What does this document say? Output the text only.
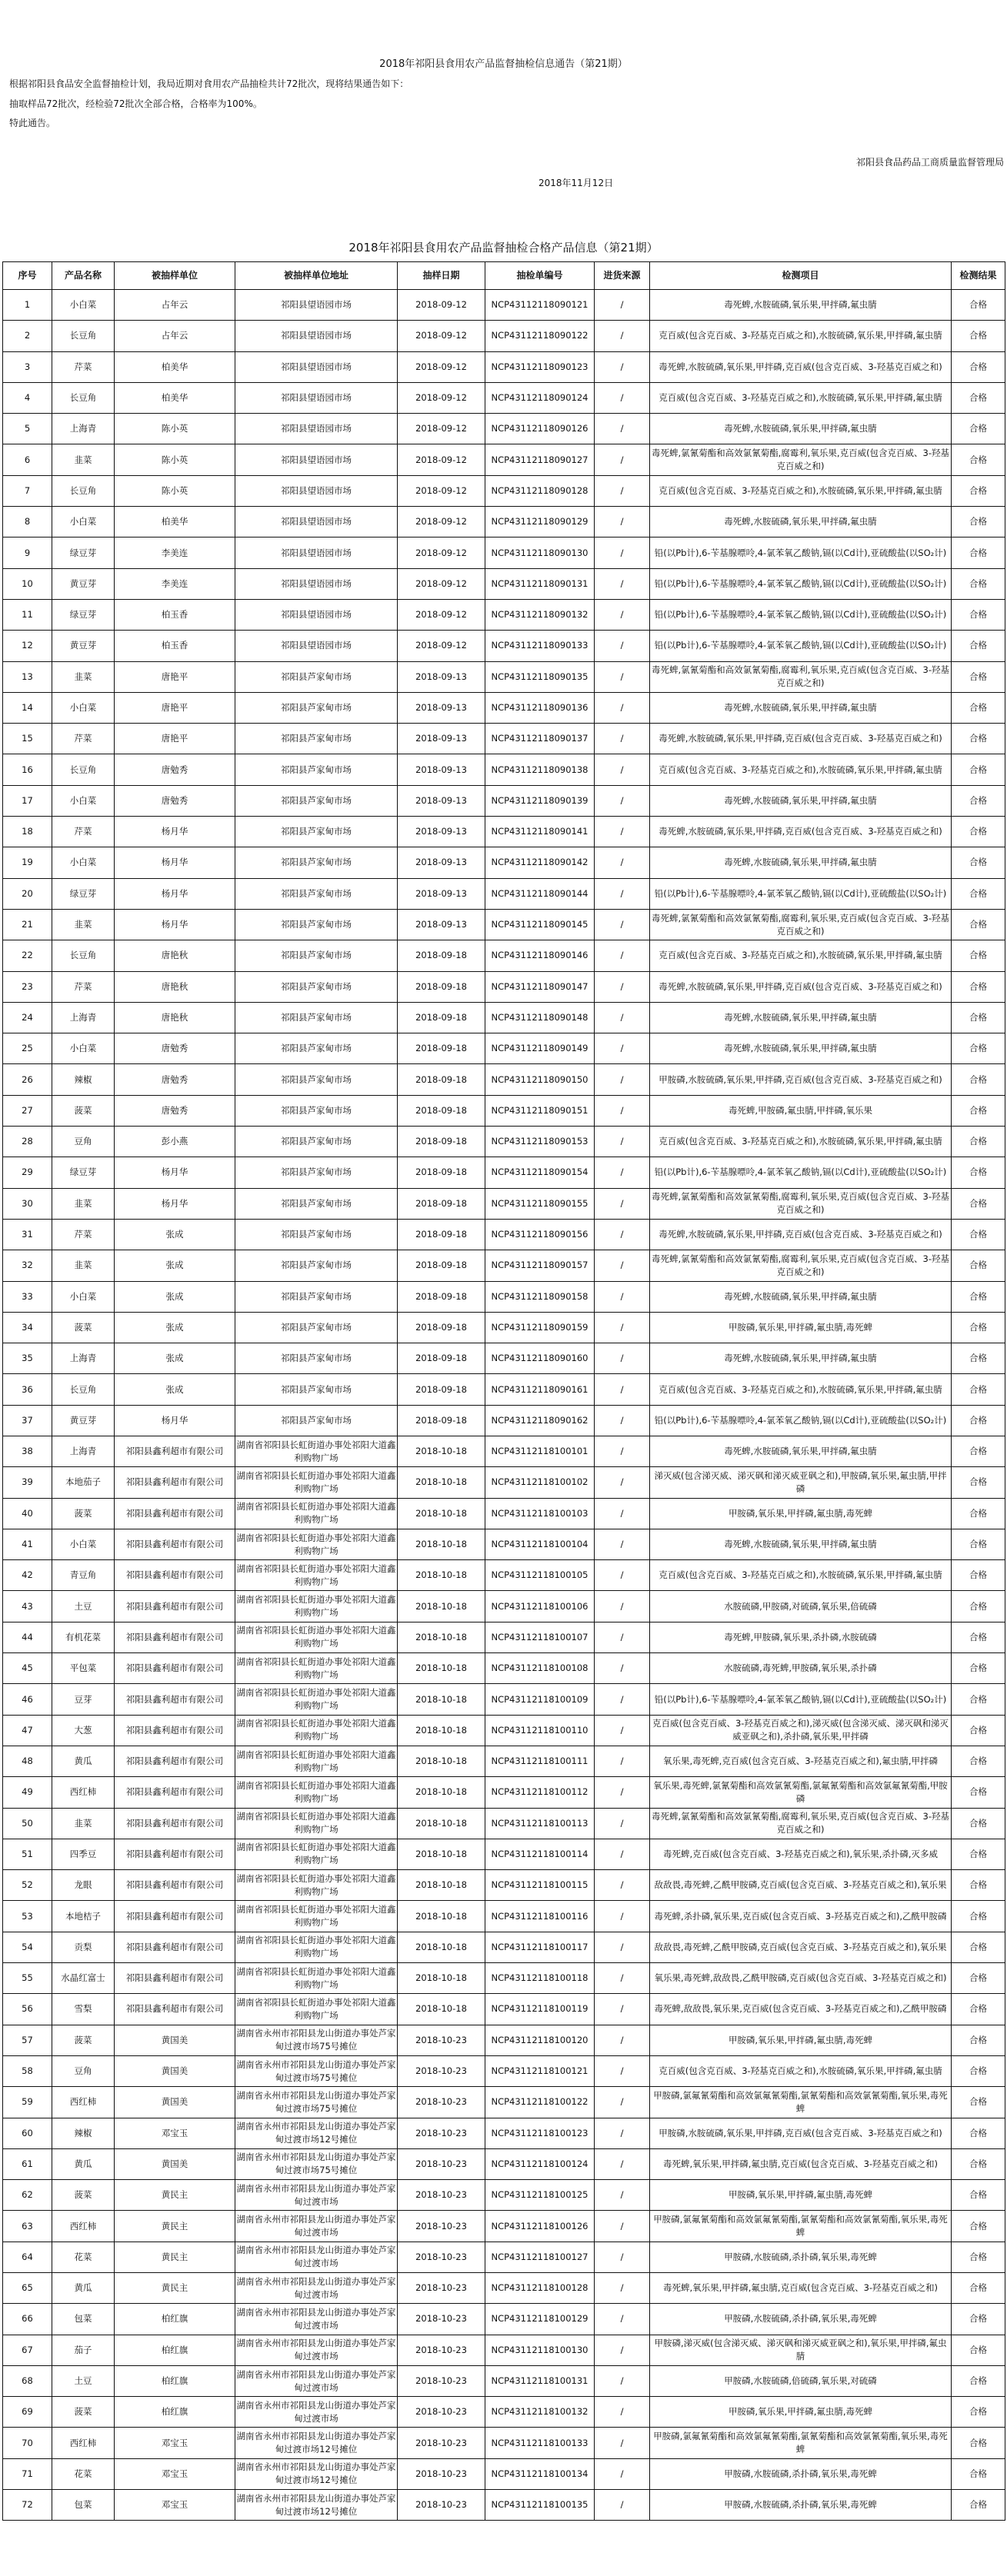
2018年祁阳县食用农产品监督抽检信息通告（第21期）
根据祁阳县食品安全监督抽检计划，我局近期对食用农产品抽检共计72批次，现将结果通告如下：
抽取样品72批次，经检验72批次全部合格，合格率为100%。
特此通告。
祁阳县食品药品工商质量监督管理局
2018年11月12日
2018年祁阳县食用农产品监督抽检合格产品信息（第21期）
序号	产品名称	被抽样单位	被抽样单位地址	抽样日期	抽检单编号	进货来源	检测项目	检测结果
1	小白菜	占年云	祁阳县望语园市场	2018-09-12	NCP43112118090121	/	毒死蜱,水胺硫磷,氧乐果,甲拌磷,氟虫腈	合格
2	长豆角	占年云	祁阳县望语园市场	2018-09-12	NCP43112118090122	/	克百威(包含克百威、3-羟基克百威之和),水胺硫磷,氧乐果,甲拌磷,氟虫腈	合格
3	芹菜	柏美华	祁阳县望语园市场	2018-09-12	NCP43112118090123	/	毒死蜱,水胺硫磷,氧乐果,甲拌磷,克百威(包含克百威、3-羟基克百威之和)	合格
4	长豆角	柏美华	祁阳县望语园市场	2018-09-12	NCP43112118090124	/	克百威(包含克百威、3-羟基克百威之和),水胺硫磷,氧乐果,甲拌磷,氟虫腈	合格
5	上海青	陈小英	祁阳县望语园市场	2018-09-12	NCP43112118090126	/	毒死蜱,水胺硫磷,氧乐果,甲拌磷,氟虫腈	合格
6	韭菜	陈小英	祁阳县望语园市场	2018-09-12	NCP43112118090127	/	毒死蜱,氯氰菊酯和高效氯氰菊酯,腐霉利,氧乐果,克百威(包含克百威、3-羟基克百威之和)	合格
7	长豆角	陈小英	祁阳县望语园市场	2018-09-12	NCP43112118090128	/	克百威(包含克百威、3-羟基克百威之和),水胺硫磷,氧乐果,甲拌磷,氟虫腈	合格
8	小白菜	柏美华	祁阳县望语园市场	2018-09-12	NCP43112118090129	/	毒死蜱,水胺硫磷,氧乐果,甲拌磷,氟虫腈	合格
9	绿豆芽	李美连	祁阳县望语园市场	2018-09-12	NCP43112118090130	/	铅(以Pb计),6-苄基腺嘌呤,4-氯苯氧乙酸钠,镉(以Cd计),亚硫酸盐(以SO₂计)	合格
10	黄豆芽	李美连	祁阳县望语园市场	2018-09-12	NCP43112118090131	/	铅(以Pb计),6-苄基腺嘌呤,4-氯苯氧乙酸钠,镉(以Cd计),亚硫酸盐(以SO₂计)	合格
11	绿豆芽	柏玉香	祁阳县望语园市场	2018-09-12	NCP43112118090132	/	铅(以Pb计),6-苄基腺嘌呤,4-氯苯氧乙酸钠,镉(以Cd计),亚硫酸盐(以SO₂计)	合格
12	黄豆芽	柏玉香	祁阳县望语园市场	2018-09-12	NCP43112118090133	/	铅(以Pb计),6-苄基腺嘌呤,4-氯苯氧乙酸钠,镉(以Cd计),亚硫酸盐(以SO₂计)	合格
13	韭菜	唐艳平	祁阳县芦家甸市场	2018-09-13	NCP43112118090135	/	毒死蜱,氯氰菊酯和高效氯氰菊酯,腐霉利,氧乐果,克百威(包含克百威、3-羟基克百威之和)	合格
14	小白菜	唐艳平	祁阳县芦家甸市场	2018-09-13	NCP43112118090136	/	毒死蜱,水胺硫磷,氧乐果,甲拌磷,氟虫腈	合格
15	芹菜	唐艳平	祁阳县芦家甸市场	2018-09-13	NCP43112118090137	/	毒死蜱,水胺硫磷,氧乐果,甲拌磷,克百威(包含克百威、3-羟基克百威之和)	合格
16	长豆角	唐勉秀	祁阳县芦家甸市场	2018-09-13	NCP43112118090138	/	克百威(包含克百威、3-羟基克百威之和),水胺硫磷,氧乐果,甲拌磷,氟虫腈	合格
17	小白菜	唐勉秀	祁阳县芦家甸市场	2018-09-13	NCP43112118090139	/	毒死蜱,水胺硫磷,氧乐果,甲拌磷,氟虫腈	合格
18	芹菜	杨月华	祁阳县芦家甸市场	2018-09-13	NCP43112118090141	/	毒死蜱,水胺硫磷,氧乐果,甲拌磷,克百威(包含克百威、3-羟基克百威之和)	合格
19	小白菜	杨月华	祁阳县芦家甸市场	2018-09-13	NCP43112118090142	/	毒死蜱,水胺硫磷,氧乐果,甲拌磷,氟虫腈	合格
20	绿豆芽	杨月华	祁阳县芦家甸市场	2018-09-13	NCP43112118090144	/	铅(以Pb计),6-苄基腺嘌呤,4-氯苯氧乙酸钠,镉(以Cd计),亚硫酸盐(以SO₂计)	合格
21	韭菜	杨月华	祁阳县芦家甸市场	2018-09-13	NCP43112118090145	/	毒死蜱,氯氰菊酯和高效氯氰菊酯,腐霉利,氧乐果,克百威(包含克百威、3-羟基克百威之和)	合格
22	长豆角	唐艳秋	祁阳县芦家甸市场	2018-09-18	NCP43112118090146	/	克百威(包含克百威、3-羟基克百威之和),水胺硫磷,氧乐果,甲拌磷,氟虫腈	合格
23	芹菜	唐艳秋	祁阳县芦家甸市场	2018-09-18	NCP43112118090147	/	毒死蜱,水胺硫磷,氧乐果,甲拌磷,克百威(包含克百威、3-羟基克百威之和)	合格
24	上海青	唐艳秋	祁阳县芦家甸市场	2018-09-18	NCP43112118090148	/	毒死蜱,水胺硫磷,氧乐果,甲拌磷,氟虫腈	合格
25	小白菜	唐勉秀	祁阳县芦家甸市场	2018-09-18	NCP43112118090149	/	毒死蜱,水胺硫磷,氧乐果,甲拌磷,氟虫腈	合格
26	辣椒	唐勉秀	祁阳县芦家甸市场	2018-09-18	NCP43112118090150	/	甲胺磷,水胺硫磷,氧乐果,甲拌磷,克百威(包含克百威、3-羟基克百威之和)	合格
27	菠菜	唐勉秀	祁阳县芦家甸市场	2018-09-18	NCP43112118090151	/	毒死蜱,甲胺磷,氟虫腈,甲拌磷,氧乐果	合格
28	豆角	彭小燕	祁阳县芦家甸市场	2018-09-18	NCP43112118090153	/	克百威(包含克百威、3-羟基克百威之和),水胺硫磷,氧乐果,甲拌磷,氟虫腈	合格
29	绿豆芽	杨月华	祁阳县芦家甸市场	2018-09-18	NCP43112118090154	/	铅(以Pb计),6-苄基腺嘌呤,4-氯苯氧乙酸钠,镉(以Cd计),亚硫酸盐(以SO₂计)	合格
30	韭菜	杨月华	祁阳县芦家甸市场	2018-09-18	NCP43112118090155	/	毒死蜱,氯氰菊酯和高效氯氰菊酯,腐霉利,氧乐果,克百威(包含克百威、3-羟基克百威之和)	合格
31	芹菜	张成	祁阳县芦家甸市场	2018-09-18	NCP43112118090156	/	毒死蜱,水胺硫磷,氧乐果,甲拌磷,克百威(包含克百威、3-羟基克百威之和)	合格
32	韭菜	张成	祁阳县芦家甸市场	2018-09-18	NCP43112118090157	/	毒死蜱,氯氰菊酯和高效氯氰菊酯,腐霉利,氧乐果,克百威(包含克百威、3-羟基克百威之和)	合格
33	小白菜	张成	祁阳县芦家甸市场	2018-09-18	NCP43112118090158	/	毒死蜱,水胺硫磷,氧乐果,甲拌磷,氟虫腈	合格
34	菠菜	张成	祁阳县芦家甸市场	2018-09-18	NCP43112118090159	/	甲胺磷,氧乐果,甲拌磷,氟虫腈,毒死蜱	合格
35	上海青	张成	祁阳县芦家甸市场	2018-09-18	NCP43112118090160	/	毒死蜱,水胺硫磷,氧乐果,甲拌磷,氟虫腈	合格
36	长豆角	张成	祁阳县芦家甸市场	2018-09-18	NCP43112118090161	/	克百威(包含克百威、3-羟基克百威之和),水胺硫磷,氧乐果,甲拌磷,氟虫腈	合格
37	黄豆芽	杨月华	祁阳县芦家甸市场	2018-09-18	NCP43112118090162	/	铅(以Pb计),6-苄基腺嘌呤,4-氯苯氧乙酸钠,镉(以Cd计),亚硫酸盐(以SO₂计)	合格
38	上海青	祁阳县鑫利超市有限公司	湖南省祁阳县长虹街道办事处祁阳大道鑫利购物广场	2018-10-18	NCP43112118100101	/	毒死蜱,水胺硫磷,氧乐果,甲拌磷,氟虫腈	合格
39	本地茄子	祁阳县鑫利超市有限公司	湖南省祁阳县长虹街道办事处祁阳大道鑫利购物广场	2018-10-18	NCP43112118100102	/	涕灭威(包含涕灭威、涕灭砜和涕灭威亚砜之和),甲胺磷,氧乐果,氟虫腈,甲拌磷	合格
40	菠菜	祁阳县鑫利超市有限公司	湖南省祁阳县长虹街道办事处祁阳大道鑫利购物广场	2018-10-18	NCP43112118100103	/	甲胺磷,氧乐果,甲拌磷,氟虫腈,毒死蜱	合格
41	小白菜	祁阳县鑫利超市有限公司	湖南省祁阳县长虹街道办事处祁阳大道鑫利购物广场	2018-10-18	NCP43112118100104	/	毒死蜱,水胺硫磷,氧乐果,甲拌磷,氟虫腈	合格
42	青豆角	祁阳县鑫利超市有限公司	湖南省祁阳县长虹街道办事处祁阳大道鑫利购物广场	2018-10-18	NCP43112118100105	/	克百威(包含克百威、3-羟基克百威之和),水胺硫磷,氧乐果,甲拌磷,氟虫腈	合格
43	土豆	祁阳县鑫利超市有限公司	湖南省祁阳县长虹街道办事处祁阳大道鑫利购物广场	2018-10-18	NCP43112118100106	/	水胺硫磷,甲胺磷,对硫磷,氧乐果,倍硫磷	合格
44	有机花菜	祁阳县鑫利超市有限公司	湖南省祁阳县长虹街道办事处祁阳大道鑫利购物广场	2018-10-18	NCP43112118100107	/	毒死蜱,甲胺磷,氧乐果,杀扑磷,水胺硫磷	合格
45	平包菜	祁阳县鑫利超市有限公司	湖南省祁阳县长虹街道办事处祁阳大道鑫利购物广场	2018-10-18	NCP43112118100108	/	水胺硫磷,毒死蜱,甲胺磷,氧乐果,杀扑磷	合格
46	豆芽	祁阳县鑫利超市有限公司	湖南省祁阳县长虹街道办事处祁阳大道鑫利购物广场	2018-10-18	NCP43112118100109	/	铅(以Pb计),6-苄基腺嘌呤,4-氯苯氧乙酸钠,镉(以Cd计),亚硫酸盐(以SO₂计)	合格
47	大葱	祁阳县鑫利超市有限公司	湖南省祁阳县长虹街道办事处祁阳大道鑫利购物广场	2018-10-18	NCP43112118100110	/	克百威(包含克百威、3-羟基克百威之和),涕灭威(包含涕灭威、涕灭砜和涕灭威亚砜之和),杀扑磷,氧乐果,甲拌磷	合格
48	黄瓜	祁阳县鑫利超市有限公司	湖南省祁阳县长虹街道办事处祁阳大道鑫利购物广场	2018-10-18	NCP43112118100111	/	氧乐果,毒死蜱,克百威(包含克百威、3-羟基克百威之和),氟虫腈,甲拌磷	合格
49	西红柿	祁阳县鑫利超市有限公司	湖南省祁阳县长虹街道办事处祁阳大道鑫利购物广场	2018-10-18	NCP43112118100112	/	氧乐果,毒死蜱,氯氰菊酯和高效氯氰菊酯,氯氟氰菊酯和高效氯氟氰菊酯,甲胺磷	合格
50	韭菜	祁阳县鑫利超市有限公司	湖南省祁阳县长虹街道办事处祁阳大道鑫利购物广场	2018-10-18	NCP43112118100113	/	毒死蜱,氯氰菊酯和高效氯氰菊酯,腐霉利,氧乐果,克百威(包含克百威、3-羟基克百威之和)	合格
51	四季豆	祁阳县鑫利超市有限公司	湖南省祁阳县长虹街道办事处祁阳大道鑫利购物广场	2018-10-18	NCP43112118100114	/	毒死蜱,克百威(包含克百威、3-羟基克百威之和),氧乐果,杀扑磷,灭多威	合格
52	龙眼	祁阳县鑫利超市有限公司	湖南省祁阳县长虹街道办事处祁阳大道鑫利购物广场	2018-10-18	NCP43112118100115	/	敌敌畏,毒死蜱,乙酰甲胺磷,克百威(包含克百威、3-羟基克百威之和),氧乐果	合格
53	本地桔子	祁阳县鑫利超市有限公司	湖南省祁阳县长虹街道办事处祁阳大道鑫利购物广场	2018-10-18	NCP43112118100116	/	毒死蜱,杀扑磷,氧乐果,克百威(包含克百威、3-羟基克百威之和),乙酰甲胺磷	合格
54	贡梨	祁阳县鑫利超市有限公司	湖南省祁阳县长虹街道办事处祁阳大道鑫利购物广场	2018-10-18	NCP43112118100117	/	敌敌畏,毒死蜱,乙酰甲胺磷,克百威(包含克百威、3-羟基克百威之和),氧乐果	合格
55	水晶红富士	祁阳县鑫利超市有限公司	湖南省祁阳县长虹街道办事处祁阳大道鑫利购物广场	2018-10-18	NCP43112118100118	/	氧乐果,毒死蜱,敌敌畏,乙酰甲胺磷,克百威(包含克百威、3-羟基克百威之和)	合格
56	雪梨	祁阳县鑫利超市有限公司	湖南省祁阳县长虹街道办事处祁阳大道鑫利购物广场	2018-10-18	NCP43112118100119	/	毒死蜱,敌敌畏,氧乐果,克百威(包含克百威、3-羟基克百威之和),乙酰甲胺磷	合格
57	菠菜	黄国美	湖南省永州市祁阳县龙山街道办事处芦家甸过渡市场75号摊位	2018-10-23	NCP43112118100120	/	甲胺磷,氧乐果,甲拌磷,氟虫腈,毒死蜱	合格
58	豆角	黄国美	湖南省永州市祁阳县龙山街道办事处芦家甸过渡市场75号摊位	2018-10-23	NCP43112118100121	/	克百威(包含克百威、3-羟基克百威之和),水胺硫磷,氧乐果,甲拌磷,氟虫腈	合格
59	西红柿	黄国美	湖南省永州市祁阳县龙山街道办事处芦家甸过渡市场75号摊位	2018-10-23	NCP43112118100122	/	甲胺磷,氯氟氰菊酯和高效氯氟氰菊酯,氯氰菊酯和高效氯氰菊酯,氧乐果,毒死蜱	合格
60	辣椒	邓宝玉	湖南省永州市祁阳县龙山街道办事处芦家甸过渡市场12号摊位	2018-10-23	NCP43112118100123	/	甲胺磷,水胺硫磷,氧乐果,甲拌磷,克百威(包含克百威、3-羟基克百威之和)	合格
61	黄瓜	黄国美	湖南省永州市祁阳县龙山街道办事处芦家甸过渡市场75号摊位	2018-10-23	NCP43112118100124	/	毒死蜱,氧乐果,甲拌磷,氟虫腈,克百威(包含克百威、3-羟基克百威之和)	合格
62	菠菜	黄民主	湖南省永州市祁阳县龙山街道办事处芦家甸过渡市场	2018-10-23	NCP43112118100125	/	甲胺磷,氧乐果,甲拌磷,氟虫腈,毒死蜱	合格
63	西红柿	黄民主	湖南省永州市祁阳县龙山街道办事处芦家甸过渡市场	2018-10-23	NCP43112118100126	/	甲胺磷,氯氟氰菊酯和高效氯氟氰菊酯,氯氰菊酯和高效氯氰菊酯,氧乐果,毒死蜱	合格
64	花菜	黄民主	湖南省永州市祁阳县龙山街道办事处芦家甸过渡市场	2018-10-23	NCP43112118100127	/	甲胺磷,水胺硫磷,杀扑磷,氧乐果,毒死蜱	合格
65	黄瓜	黄民主	湖南省永州市祁阳县龙山街道办事处芦家甸过渡市场	2018-10-23	NCP43112118100128	/	毒死蜱,氧乐果,甲拌磷,氟虫腈,克百威(包含克百威、3-羟基克百威之和)	合格
66	包菜	柏红旗	湖南省永州市祁阳县龙山街道办事处芦家甸过渡市场	2018-10-23	NCP43112118100129	/	甲胺磷,水胺硫磷,杀扑磷,氧乐果,毒死蜱	合格
67	茄子	柏红旗	湖南省永州市祁阳县龙山街道办事处芦家甸过渡市场	2018-10-23	NCP43112118100130	/	甲胺磷,涕灭威(包含涕灭威、涕灭砜和涕灭威亚砜之和),氧乐果,甲拌磷,氟虫腈	合格
68	土豆	柏红旗	湖南省永州市祁阳县龙山街道办事处芦家甸过渡市场	2018-10-23	NCP43112118100131	/	甲胺磷,水胺硫磷,倍硫磷,氧乐果,对硫磷	合格
69	菠菜	柏红旗	湖南省永州市祁阳县龙山街道办事处芦家甸过渡市场	2018-10-23	NCP43112118100132	/	甲胺磷,氧乐果,甲拌磷,氟虫腈,毒死蜱	合格
70	西红柿	邓宝玉	湖南省永州市祁阳县龙山街道办事处芦家甸过渡市场12号摊位	2018-10-23	NCP43112118100133	/	甲胺磷,氯氟氰菊酯和高效氯氟氰菊酯,氯氰菊酯和高效氯氰菊酯,氧乐果,毒死蜱	合格
71	花菜	邓宝玉	湖南省永州市祁阳县龙山街道办事处芦家甸过渡市场12号摊位	2018-10-23	NCP43112118100134	/	甲胺磷,水胺硫磷,杀扑磷,氧乐果,毒死蜱	合格
72	包菜	邓宝玉	湖南省永州市祁阳县龙山街道办事处芦家甸过渡市场12号摊位	2018-10-23	NCP43112118100135	/	甲胺磷,水胺硫磷,杀扑磷,氧乐果,毒死蜱	合格
